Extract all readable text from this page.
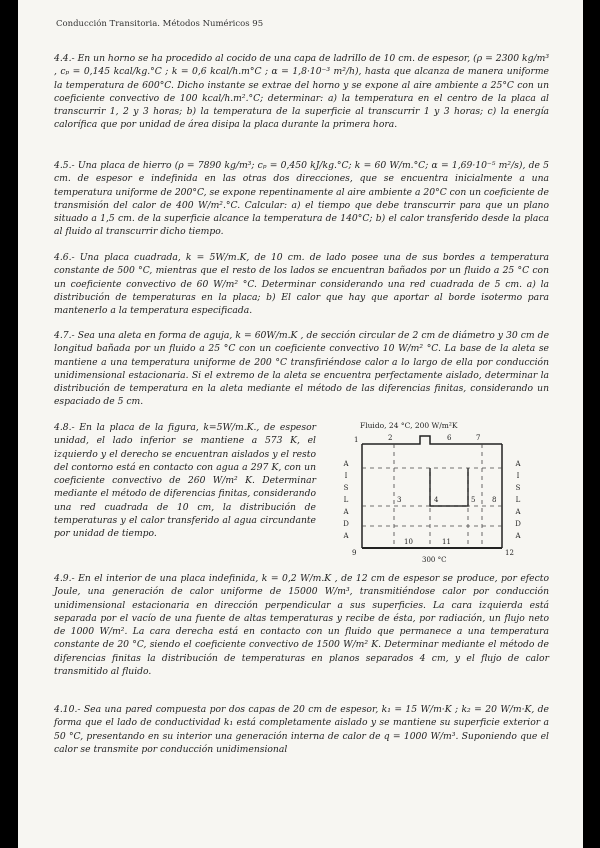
Conducción Transitoria. Métodos Numéricos 95

4.4.- En un horno se ha procedido al cocido de una capa de ladrillo de 10 cm. de espesor, (ρ = 2300 kg/m³ , cₚ = 0,145 kcal/kg.°C ; k = 0,6 kcal/h.m°C ; α = 1,8·10⁻³ m²/h), hasta que alcanza de manera uniforme la temperatura de 600°C. Dicho instante se extrae del horno y se expone al aire ambiente a 25°C con un coeficiente convectivo de 100 kcal/h.m².°C; determinar: a) la temperatura en el centro de la placa al transcurrir 1, 2 y 3 horas; b) la temperatura de la superficie al transcurrir 1 y 3 horas; c) la energía calorífica que por unidad de área disipa la placa durante la primera hora.

4.5.- Una placa de hierro (ρ = 7890 kg/m³; cₚ = 0,450 kJ/kg.°C; k = 60 W/m.°C; α = 1,69·10⁻⁵ m²/s), de 5 cm. de espesor e indefinida en las otras dos direcciones, que se encuentra inicialmente a una temperatura uniforme de 200°C, se expone repentinamente al aire ambiente a 20°C con un coeficiente de transmisión del calor de 400 W/m².°C. Calcular: a) el tiempo que debe transcurrir para que un plano situado a 1,5 cm. de la superficie alcance la temperatura de 140°C; b) el calor transferido desde la placa al fluido al transcurrir dicho tiempo.

4.6.- Una placa cuadrada, k = 5W/m.K, de 10 cm. de lado posee una de sus bordes a temperatura constante de 500 °C, mientras que el resto de los lados se encuentran bañados por un fluido a 25 °C con un coeficiente convectivo de 60 W/m² °C. Determinar considerando una red cuadrada de 5 cm. a) la distribución de temperaturas en la placa; b) El calor que hay que aportar al borde isotermo para mantenerlo a la temperatura especificada.

4.7.- Sea una aleta en forma de aguja, k = 60W/m.K , de sección circular de 2 cm de diámetro y 30 cm de longitud bañada por un fluido a 25 °C con un coeficiente convectivo 10 W/m² °C. La base de la aleta se mantiene a una temperatura uniforme de 200 °C transfiriéndose calor a lo largo de ella por conducción unidimensional estacionaria. Si el extremo de la aleta se encuentra perfectamente aislado, determinar la distribución de temperatura en la aleta mediante el método de las diferencias finitas, considerando un espaciado de 5 cm.

4.8.- En la placa de la figura, k=5W/m.K., de espesor unidad, el lado inferior se mantiene a 573 K, el izquierdo y el derecho se encuentran aislados y el resto del contorno está en contacto con agua a 297 K, con un coeficiente convectivo de 260 W/m² K. Determinar mediante el método de diferencias finitas, considerando una red cuadrada de 10 cm, la distribución de temperaturas y el calor transferido al agua circundante por unidad de tiempo.

Fluido, 24 °C, 200 W/m²K
A
I
S
L
A
D
A
A
I
S
L
A
D
A
1	2	6	7
3	4	5 8
9
10	11
12
300 °C

4.9.- En el interior de una placa indefinida, k = 0,2 W/m.K , de 12 cm de espesor se produce, por efecto Joule, una generación de calor uniforme de 15000 W/m³, transmitiéndose calor por conducción unidimensional estacionaria en dirección perpendicular a sus superficies. La cara izquierda está separada por el vacío de una fuente de altas temperaturas y recibe de ésta, por radiación, un flujo neto de 1000 W/m². La cara derecha está en contacto con un fluido que permanece a una temperatura constante de 20 °C, siendo el coeficiente convectivo de 1500 W/m² K. Determinar mediante el método de diferencias finitas la distribución de temperaturas en planos separados 4 cm, y el flujo de calor transmitido al fluido.

4.10.- Sea una pared compuesta por dos capas de 20 cm de espesor, k₁ = 15 W/m·K ; k₂ = 20 W/m·K, de forma que el lado de conductividad k₁ está completamente aislado y se mantiene su superficie exterior a 50 °C, presentando en su interior una generación interna de calor de q = 1000 W/m³. Suponiendo que el calor se transmite por conducción unidimensional
